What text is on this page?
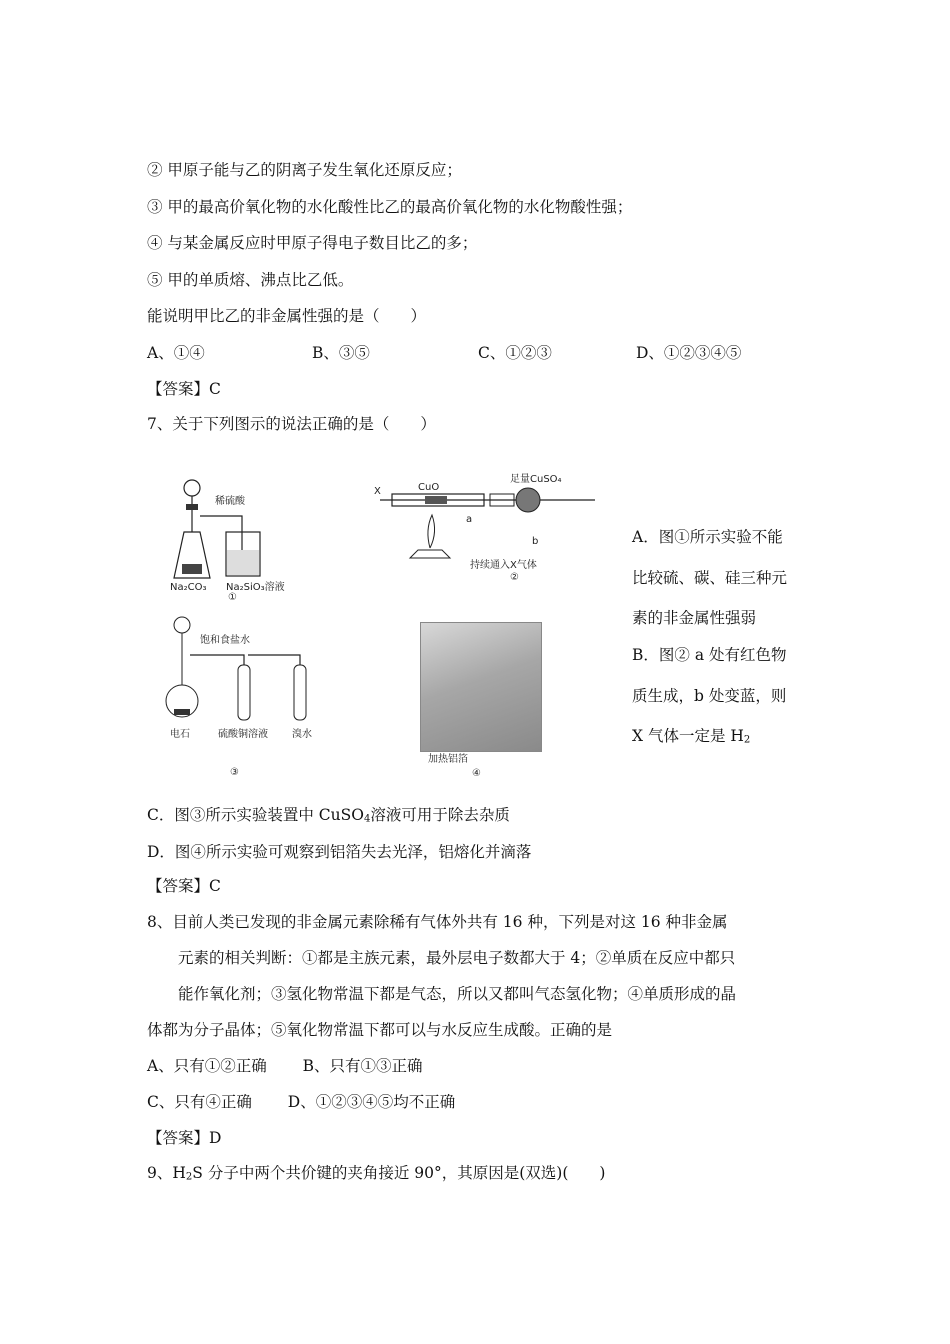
② 甲原子能与乙的阴离子发生氧化还原反应；
③ 甲的最高价氧化物的水化酸性比乙的最高价氧化物的水化物酸性强；
④ 与某金属反应时甲原子得电子数目比乙的多；
⑤ 甲的单质熔、沸点比乙低。
能说明甲比乙的非金属性强的是（　　）
A、①④	B、③⑤	C、①②③	D、①②③④⑤
【答案】C
7、关于下列图示的说法正确的是（　　）
稀硫酸
Na₂CO₃ Na₂SiO₃溶液
①
X	CuO
足量CuSO₄
a
b
持续通入X气体
②
饱和食盐水
电石	硫酸铜溶液 溴水
③
加热铝箔
④
A．图①所示实验不能
比较硫、碳、硅三种元
素的非金属性强弱
B．图② a 处有红色物
质生成，b 处变蓝，则
X 气体一定是 H2
C．图③所示实验装置中 CuSO4溶液可用于除去杂质
D．图④所示实验可观察到铝箔失去光泽，铝熔化并滴落
【答案】C
8、目前人类已发现的非金属元素除稀有气体外共有 16 种，下列是对这 16 种非金属
元素的相关判断：①都是主族元素，最外层电子数都大于 4；②单质在反应中都只
能作氧化剂；③氢化物常温下都是气态，所以又都叫气态氢化物；④单质形成的晶
体都为分子晶体；⑤氧化物常温下都可以与水反应生成酸。正确的是
A、只有①②正确　　 B、只有①③正确
C、只有④正确　　 D、①②③④⑤均不正确
【答案】D
9、H2S 分子中两个共价键的夹角接近 90°，其原因是(双选)(　　)
